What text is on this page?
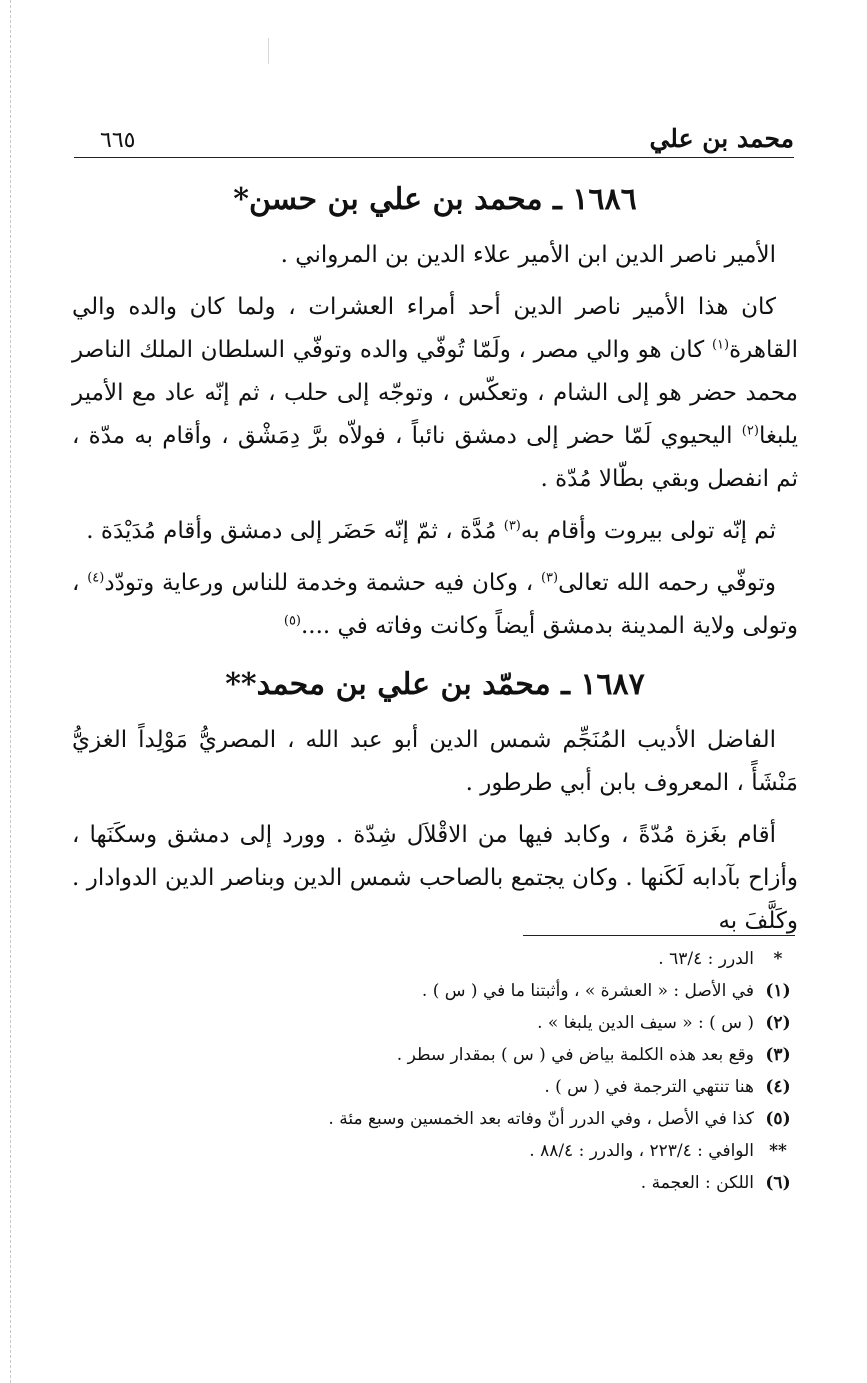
محمد بن علي
٦٦٥
١٦٨٦ ـ محمد بن علي بن حسن*

الأمير ناصر الدين ابن الأمير علاء الدين بن المرواني .

كان هذا الأمير ناصر الدين أحد أمراء العشرات ، ولما كان والده والي القاهرة$^{(١)}$ كان هو والي مصر ، ولَمّا تُوفّي والده وتوفّي السلطان الملك الناصر محمد حضر هو إلى الشام ، وتعكّس ، وتوجّه إلى حلب ، ثم إنّه عاد مع الأمير يلبغا$^{(٢)}$ اليحيوي لَمّا حضر إلى دمشق نائباً ، فولاّه برَّ دِمَشْق ، وأقام به مدّة ، ثم انفصل وبقي بطّالا مُدّة .

ثم إنّه تولى بيروت وأقام به$^{(٣)}$ مُدَّة ، ثمّ إنّه حَضَر إلى دمشق وأقام مُدَيْدَة .

وتوفّي رحمه الله تعالى$^{(٣)}$ ، وكان فيه حشمة وخدمة للناس ورعاية وتودّد$^{(٤)}$ ، وتولى ولاية المدينة بدمشق أيضاً وكانت وفاته في ....$^{(٥)}$

١٦٨٧ ـ محمّد بن علي بن محمد**

الفاضل الأديب المُنَجِّم شمس الدين أبو عبد الله ، المصريُّ مَوْلِداً الغزيُّ مَنْشَأً ، المعروف بابن أبي طرطور .

أقام بغَزة مُدّةً ، وكابد فيها من الاقْلاَل شِدّة . وورد إلى دمشق وسكَنَها ، وأزاح بآدابه لَكَنها . وكان يجتمع بالصاحب شمس الدين وبناصر الدين الدوادار . وكَلَّفَ به

*
الدرر : ٦٣/٤ .
(١)
في الأصل : « العشرة » ، وأثبتنا ما في ( س ) .
(٢)
( س ) : « سيف الدين يلبغا » .
(٣)
وقع بعد هذه الكلمة بياض في ( س ) بمقدار سطر .
(٤)
هنا تنتهي الترجمة في ( س ) .
(٥)
كذا في الأصل ، وفي الدرر أنّ وفاته بعد الخمسين وسبع مئة .
**
الوافي : ٢٢٣/٤ ، والدرر : ٨٨/٤ .
(٦)
اللكن : العجمة .
